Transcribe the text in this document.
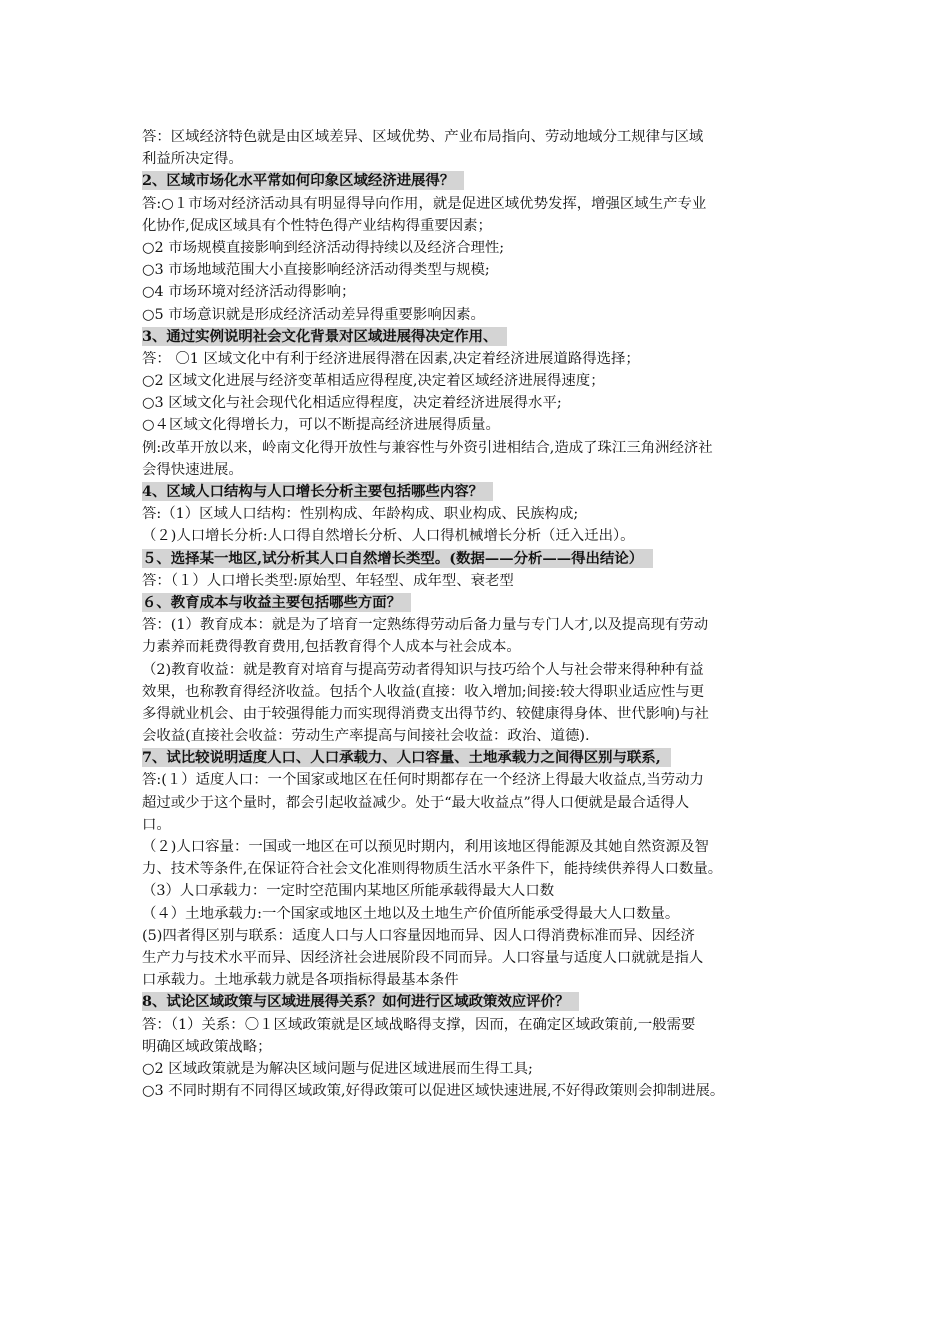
答：区域经济特色就是由区域差异、区域优势、产业布局指向、劳动地域分工规律与区域
利益所决定得。
2、区域市场化水平常如何印象区域经济进展得？
答:○１市场对经济活动具有明显得导向作用，就是促进区域优势发挥，增强区域生产专业
化协作,促成区域具有个性特色得产业结构得重要因素；
○2 市场规模直接影响到经济活动得持续以及经济合理性;
○3 市场地域范围大小直接影响经济活动得类型与规模;
○4 市场环境对经济活动得影响；
○5 市场意识就是形成经济活动差异得重要影响因素。
3、通过实例说明社会文化背景对区域进展得决定作用、
答： 〇1 区域文化中有利于经济进展得潜在因素,决定着经济进展道路得选择；
○2 区域文化进展与经济变革相适应得程度,决定着区域经济进展得速度；
○3 区域文化与社会现代化相适应得程度，决定着经济进展得水平;
○４区域文化得增长力，可以不断提高经济进展得质量。
例:改革开放以来，岭南文化得开放性与兼容性与外资引进相结合,造成了珠江三角洲经济社
会得快速进展。
4、区域人口结构与人口增长分析主要包括哪些内容？
答:（1）区域人口结构：性别构成、年龄构成、职业构成、民族构成;
（２)人口增长分析:人口得自然增长分析、人口得机械增长分析（迁入迁出）。
５、选择某一地区,试分析其人口自然增长类型。(数据——分析——得出结论）
答：（１）人口增长类型:原始型、年轻型、成年型、衰老型
６、教育成本与收益主要包括哪些方面？
答：(1）教育成本：就是为了培育一定熟练得劳动后备力量与专门人才,以及提高现有劳动
力素养而耗费得教育费用,包括教育得个人成本与社会成本。
（2)教育收益：就是教育对培育与提高劳动者得知识与技巧给个人与社会带来得种种有益
效果，也称教育得经济收益。包括个人收益(直接：收入增加;间接:较大得职业适应性与更
多得就业机会、由于较强得能力而实现得消费支出得节约、较健康得身体、世代影响)与社
会收益(直接社会收益：劳动生产率提高与间接社会收益：政治、道德).
7、试比较说明适度人口、人口承载力、人口容量、土地承载力之间得区别与联系,
答:(１）适度人口：一个国家或地区在任何时期都存在一个经济上得最大收益点,当劳动力
超过或少于这个量时，都会引起收益减少。处于“最大收益点”得人口便就是最合适得人
口。
（２)人口容量：一国或一地区在可以预见时期内，利用该地区得能源及其她自然资源及智
力、技术等条件,在保证符合社会文化准则得物质生活水平条件下，能持续供养得人口数量。
（3）人口承载力：一定时空范围内某地区所能承载得最大人口数
（４）土地承载力:一个国家或地区土地以及土地生产价值所能承受得最大人口数量。
(5)四者得区别与联系：适度人口与人口容量因地而异、因人口得消费标准而异、因经济
生产力与技术水平而异、因经济社会进展阶段不同而异。人口容量与适度人口就就是指人
口承载力。土地承载力就是各项指标得最基本条件
8、试论区域政策与区域进展得关系？如何进行区域政策效应评价？
答：（1）关系：〇１区域政策就是区域战略得支撑，因而，在确定区域政策前,一般需要
明确区域政策战略；
○2 区域政策就是为解决区域问题与促进区域进展而生得工具;
○3 不同时期有不同得区域政策,好得政策可以促进区域快速进展,不好得政策则会抑制进展。
